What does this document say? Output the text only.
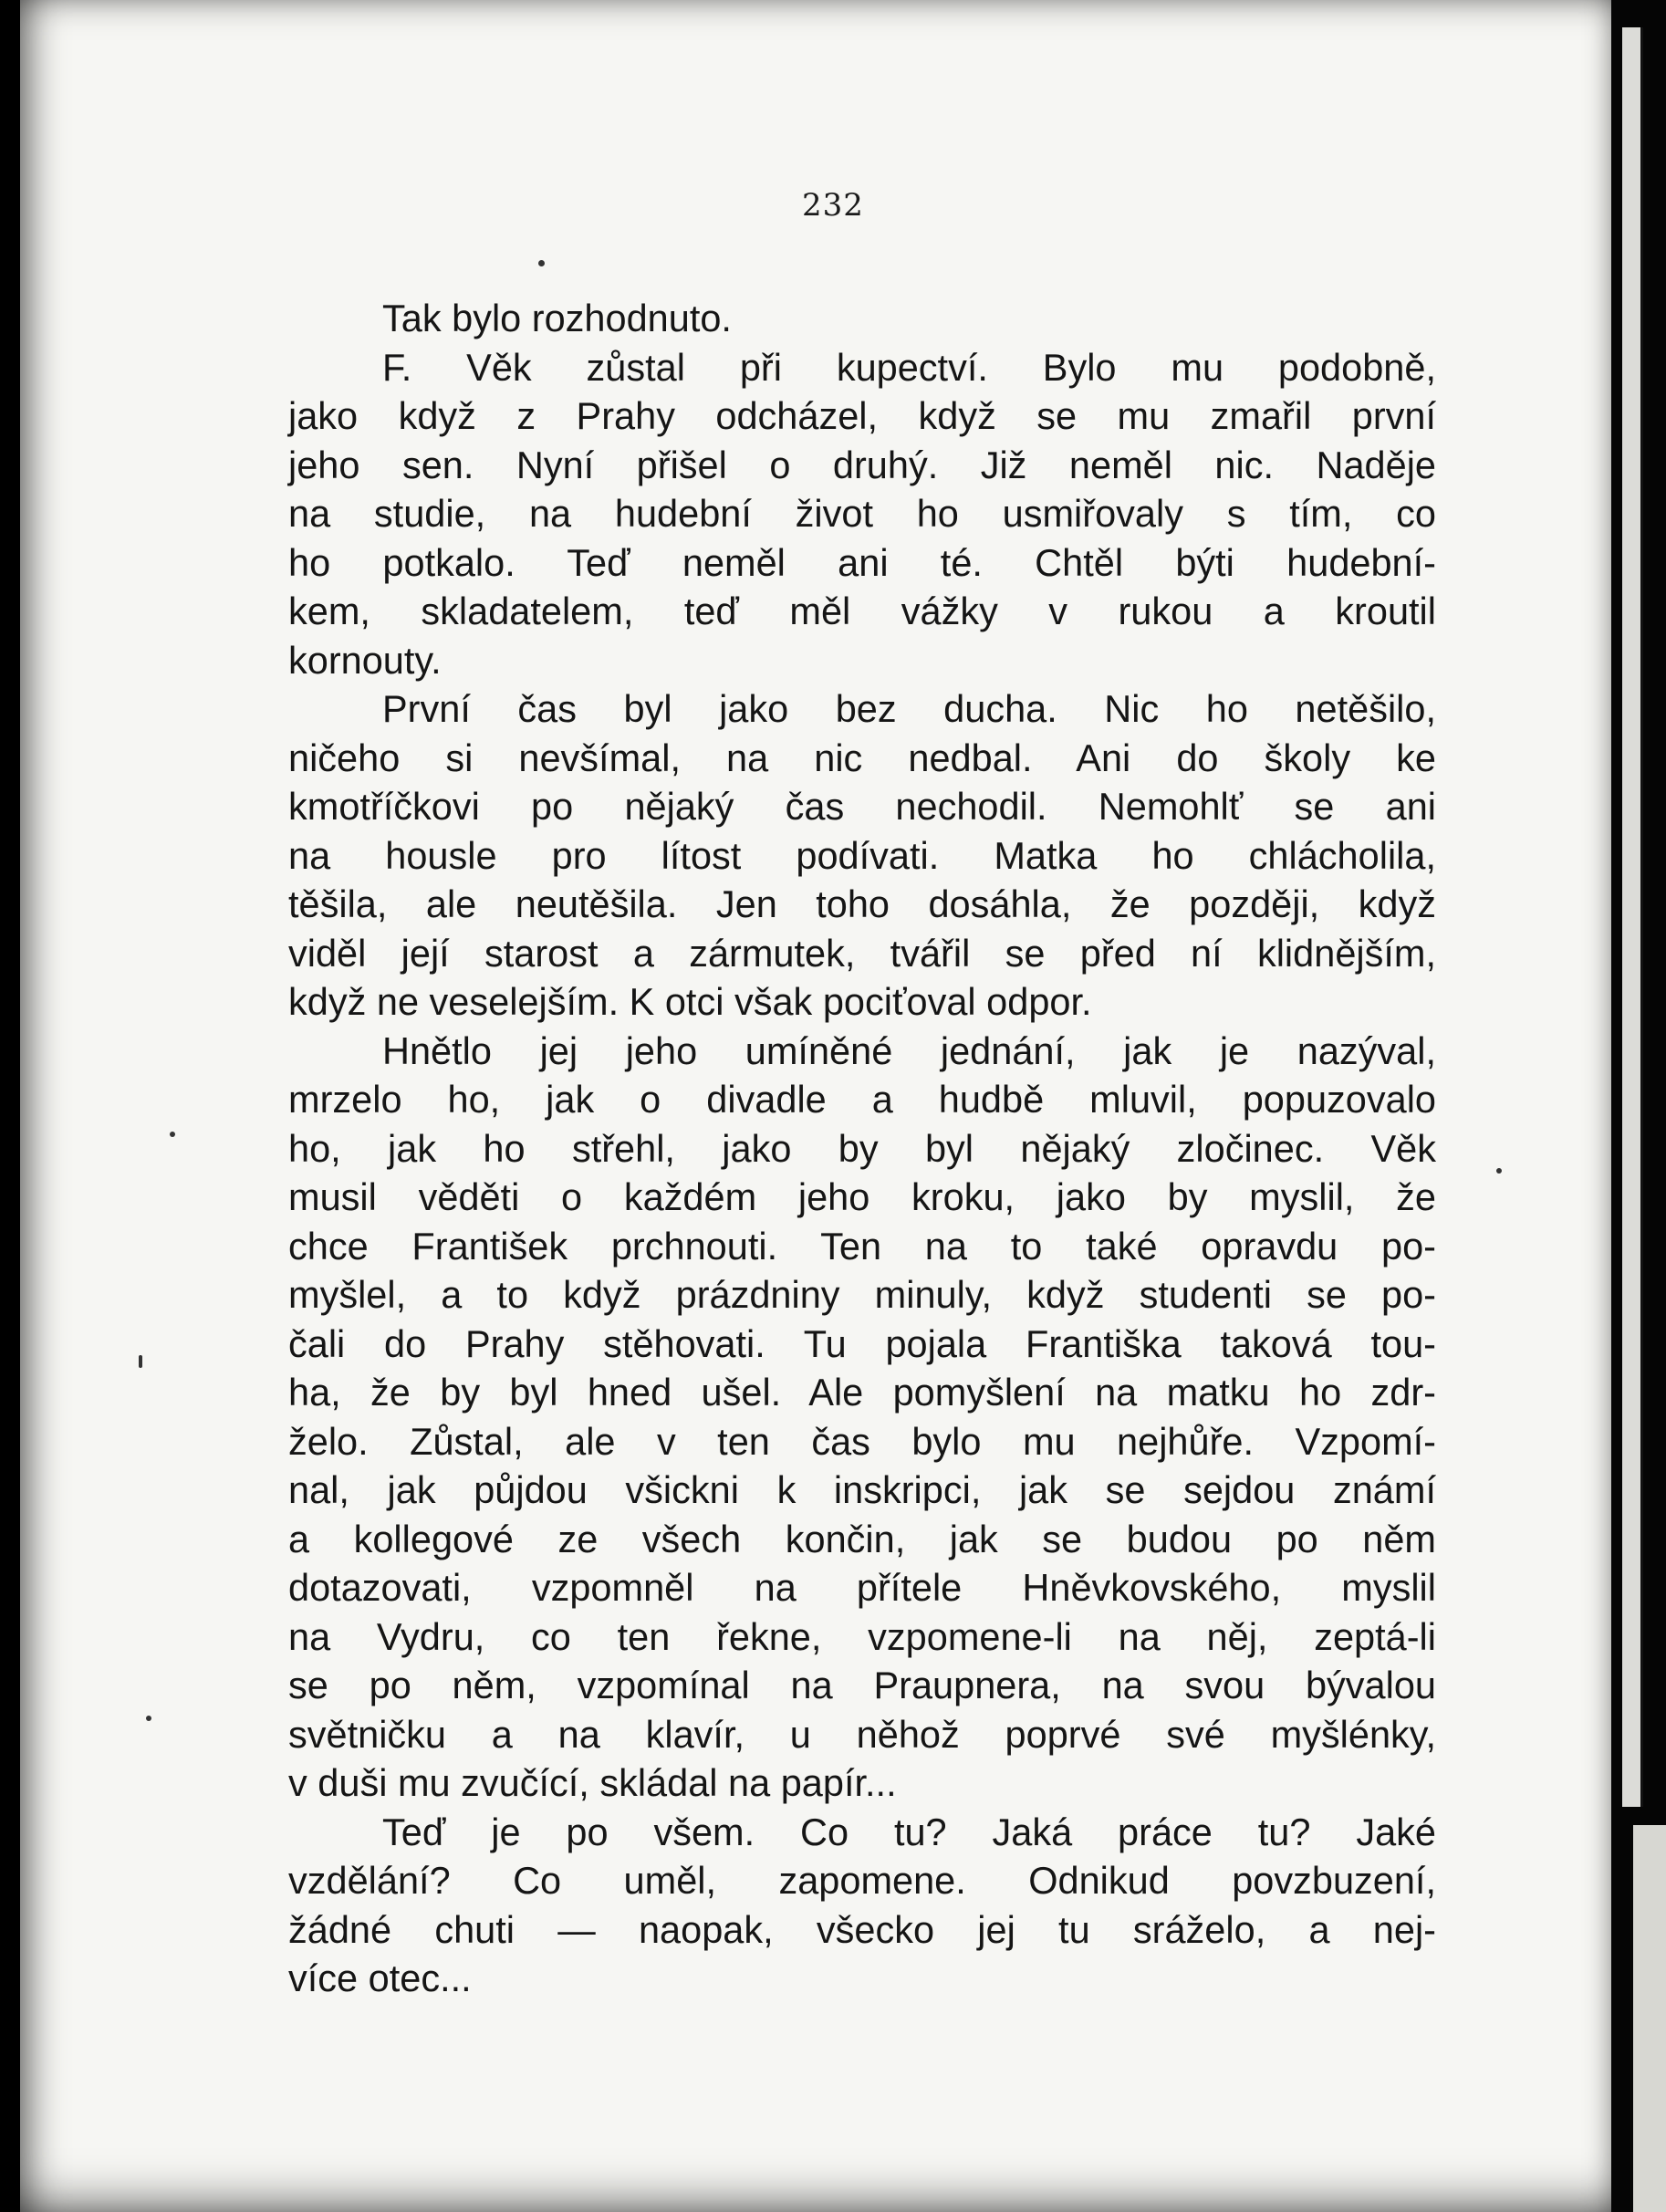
232
Tak bylo rozhodnuto.
F. Věk zůstal při kupectví. Bylo mu podobně,
jako když z Prahy odcházel, když se mu zmařil první
jeho sen. Nyní přišel o druhý. Již neměl nic. Naděje
na studie, na hudební život ho usmiřovaly s tím, co
ho potkalo. Teď neměl ani té. Chtěl býti hudební-
kem, skladatelem, teď měl vážky v rukou a kroutil
kornouty.
První čas byl jako bez ducha. Nic ho netěšilo,
ničeho si nevšímal, na nic nedbal. Ani do školy ke
kmotříčkovi po nějaký čas nechodil. Nemohlť se ani
na housle pro lítost podívati. Matka ho chlácholila,
těšila, ale neutěšila. Jen toho dosáhla, že později, když
viděl její starost a zármutek, tvářil se před ní klidnějším,
když ne veselejším. K otci však pociťoval odpor.
Hnětlo jej jeho umíněné jednání, jak je nazýval,
mrzelo ho, jak o divadle a hudbě mluvil, popuzovalo
ho, jak ho střehl, jako by byl nějaký zločinec. Věk
musil věděti o každém jeho kroku, jako by myslil, že
chce František prchnouti. Ten na to také opravdu po-
myšlel, a to když prázdniny minuly, když studenti se po-
čali do Prahy stěhovati. Tu pojala Františka taková tou-
ha, že by byl hned ušel. Ale pomyšlení na matku ho zdr-
želo. Zůstal, ale v ten čas bylo mu nejhůře. Vzpomí-
nal, jak půjdou všickni k inskripci, jak se sejdou známí
a kollegové ze všech končin, jak se budou po něm
dotazovati, vzpomněl na přítele Hněvkovského, myslil
na Vydru, co ten řekne, vzpomene-li na něj, zeptá-li
se po něm, vzpomínal na Praupnera, na svou bývalou
světničku a na klavír, u něhož poprvé své myšlénky,
v duši mu zvučící, skládal na papír...
Teď je po všem. Co tu? Jaká práce tu? Jaké
vzdělání? Co uměl, zapomene. Odnikud povzbuzení,
žádné chuti — naopak, všecko jej tu sráželo, a nej-
více otec...
